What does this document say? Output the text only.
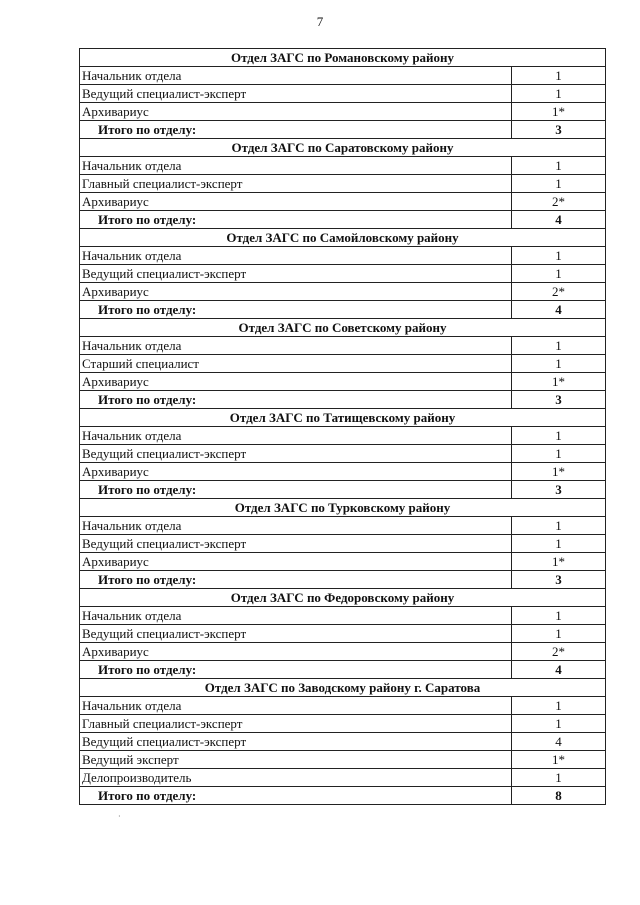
7
Отдел ЗАГС по Романовскому району	
Начальник отдела	1
Ведущий специалист-эксперт	1
Архивариус	1*
Итого по отделу:	3
Отдел ЗАГС по Саратовскому району	
Начальник отдела	1
Главный специалист-эксперт	1
Архивариус	2*
Итого по отделу:	4
Отдел ЗАГС по Самойловскому району	
Начальник отдела	1
Ведущий специалист-эксперт	1
Архивариус	2*
Итого по отделу:	4
Отдел ЗАГС по Советскому району	
Начальник отдела	1
Старший специалист	1
Архивариус	1*
Итого по отделу:	3
Отдел ЗАГС по Татищевскому району	
Начальник отдела	1
Ведущий специалист-эксперт	1
Архивариус	1*
Итого по отделу:	3
Отдел ЗАГС по Турковскому району	
Начальник отдела	1
Ведущий специалист-эксперт	1
Архивариус	1*
Итого по отделу:	3
Отдел ЗАГС по Федоровскому району	
Начальник отдела	1
Ведущий специалист-эксперт	1
Архивариус	2*
Итого по отделу:	4
Отдел ЗАГС по Заводскому району г. Саратова	
Начальник отдела	1
Главный специалист-эксперт	1
Ведущий специалист-эксперт	4
Ведущий эксперт	1*
Делопроизводитель	1
Итого по отделу:	8
·
